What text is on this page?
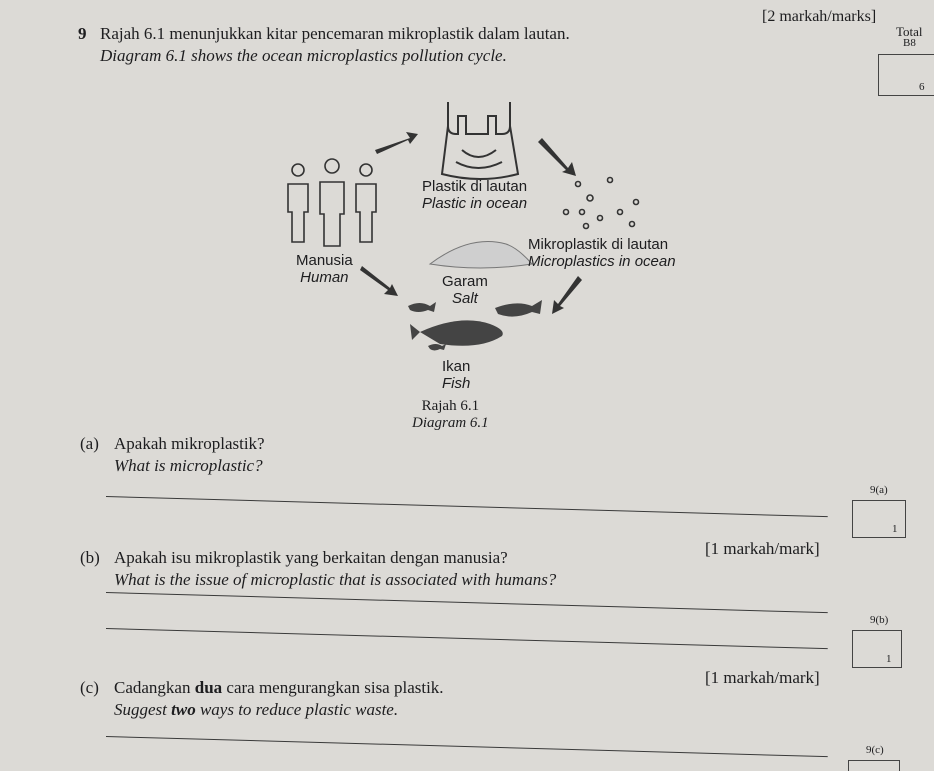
[2 markah/marks]
Total
B8
6
9 Rajah 6.1 menunjukkan kitar pencemaran mikroplastik dalam lautan.
Diagram 6.1 shows the ocean microplastics pollution cycle.
Plastik di lautan
Plastic in ocean
Mikroplastik di lautan
Microplastics in ocean
Manusia
Human	Garam
Salt
Ikan
Fish
Rajah 6.1
Diagram 6.1
(a) Apakah mikroplastik?
What is microplastic?
9(a)
1
(b) Apakah isu mikroplastik yang berkaitan dengan manusia?	[1 markah/mark]
What is the issue of microplastic that is associated with humans?
9(b)
1
(c) Cadangkan dua cara mengurangkan sisa plastik.
[1 markah/mark]
Suggest two ways to reduce plastic waste.
9(c)
